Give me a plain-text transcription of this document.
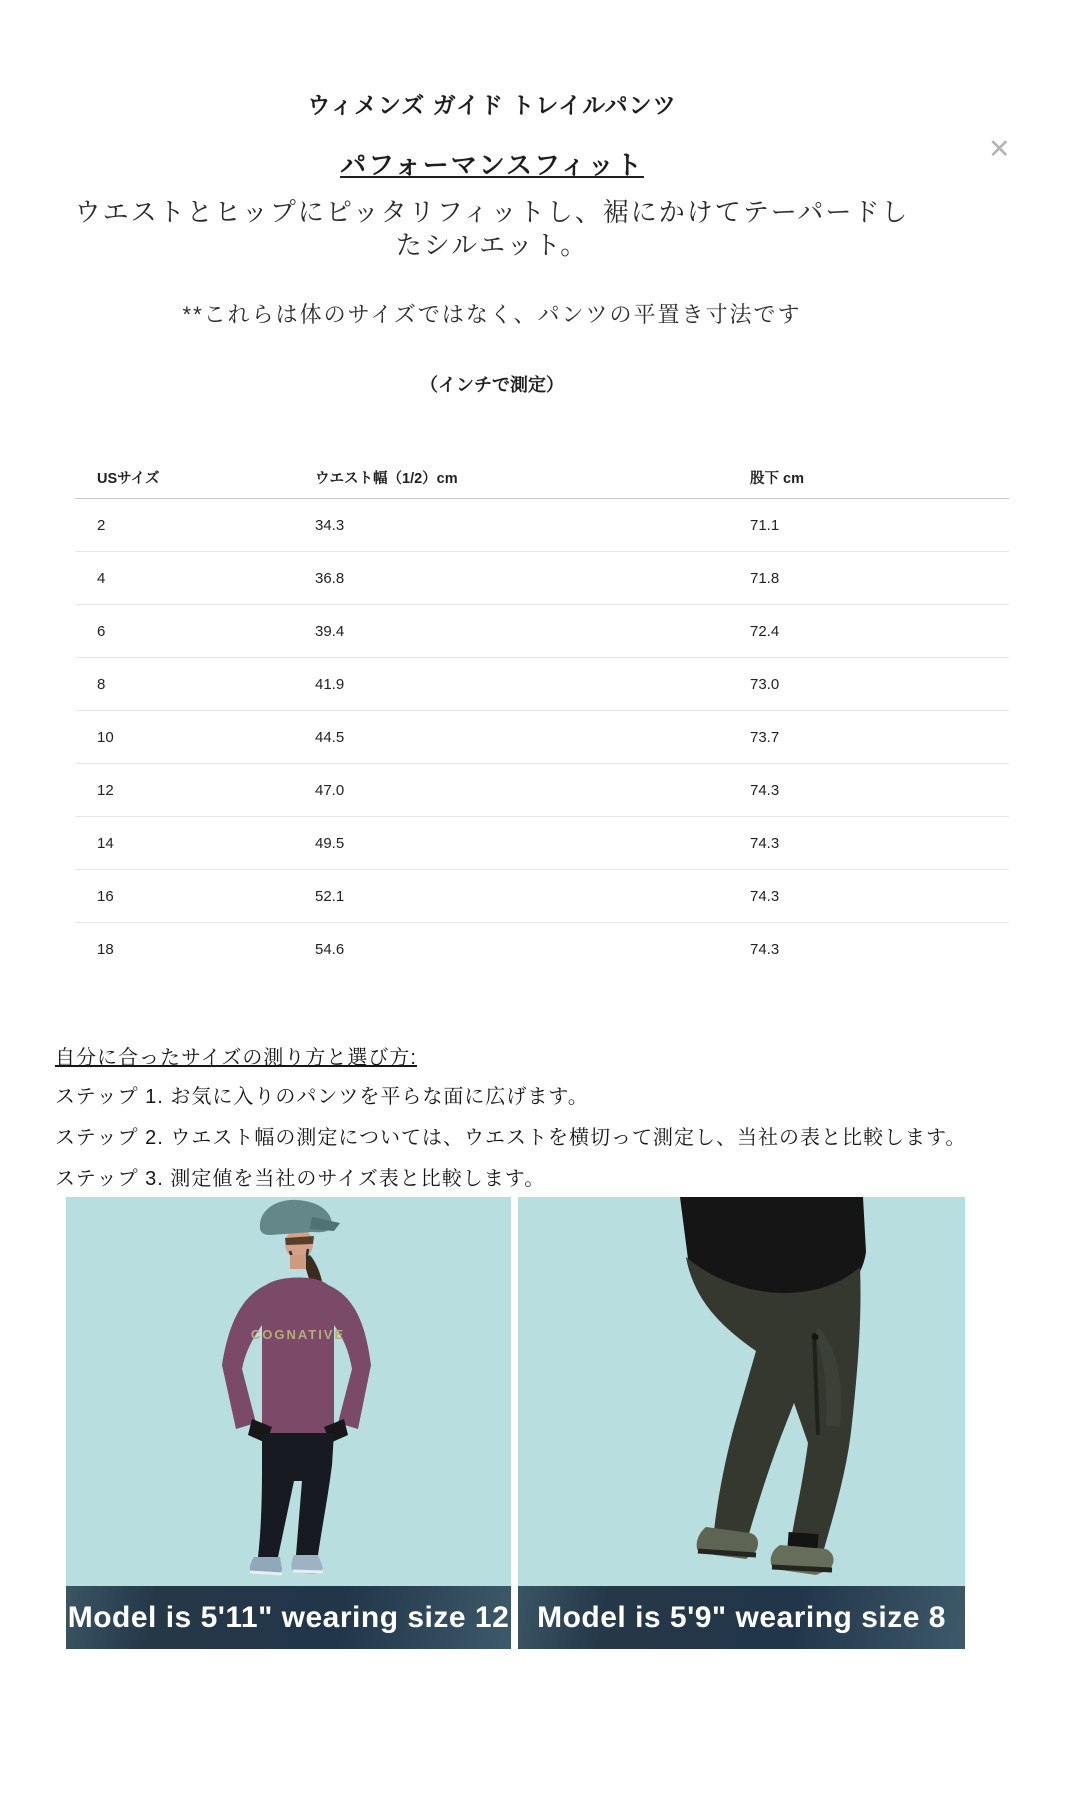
✕
ウィメンズ ガイド トレイルパンツ
パフォーマンスフィット

ウエストとヒップにピッタリフィットし、裾にかけてテーパードしたシルエット。

**これらは体のサイズではなく、パンツの平置き寸法です

（インチで測定）

USサイズ	ウエスト幅（1/2）cm	股下 cm
2	34.3	71.1
4	36.8	71.8
6	39.4	72.4
8	41.9	73.0
10	44.5	73.7
12	47.0	74.3
14	49.5	74.3
16	52.1	74.3
18	54.6	74.3

自分に合ったサイズの測り方と選び方:

ステップ 1. お気に入りのパンツを平らな面に広げます。

ステップ 2. ウエスト幅の測定については、ウエストを横切って測定し、当社の表と比較します。

ステップ 3. 測定値を当社のサイズ表と比較します。

COGNATIVE
Model is 5'11" wearing size 12 Model is 5'9" wearing size 8
